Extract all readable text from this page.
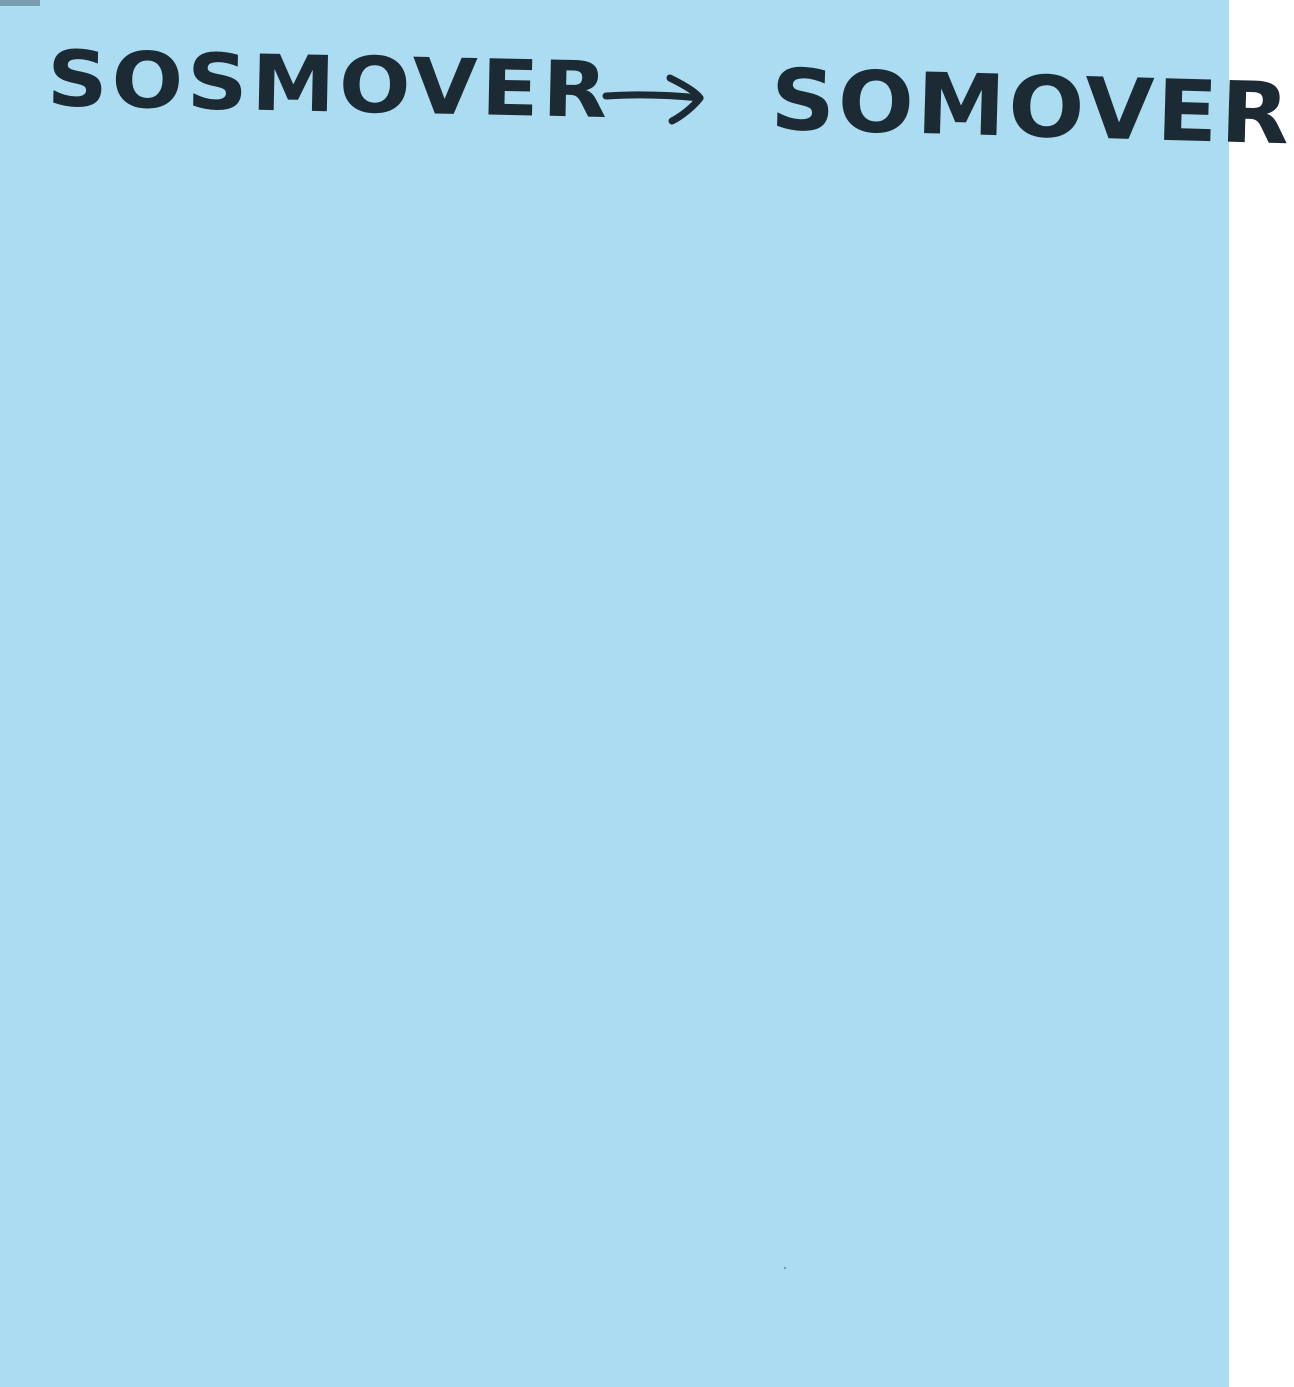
SOSMOVER SOMOVER
